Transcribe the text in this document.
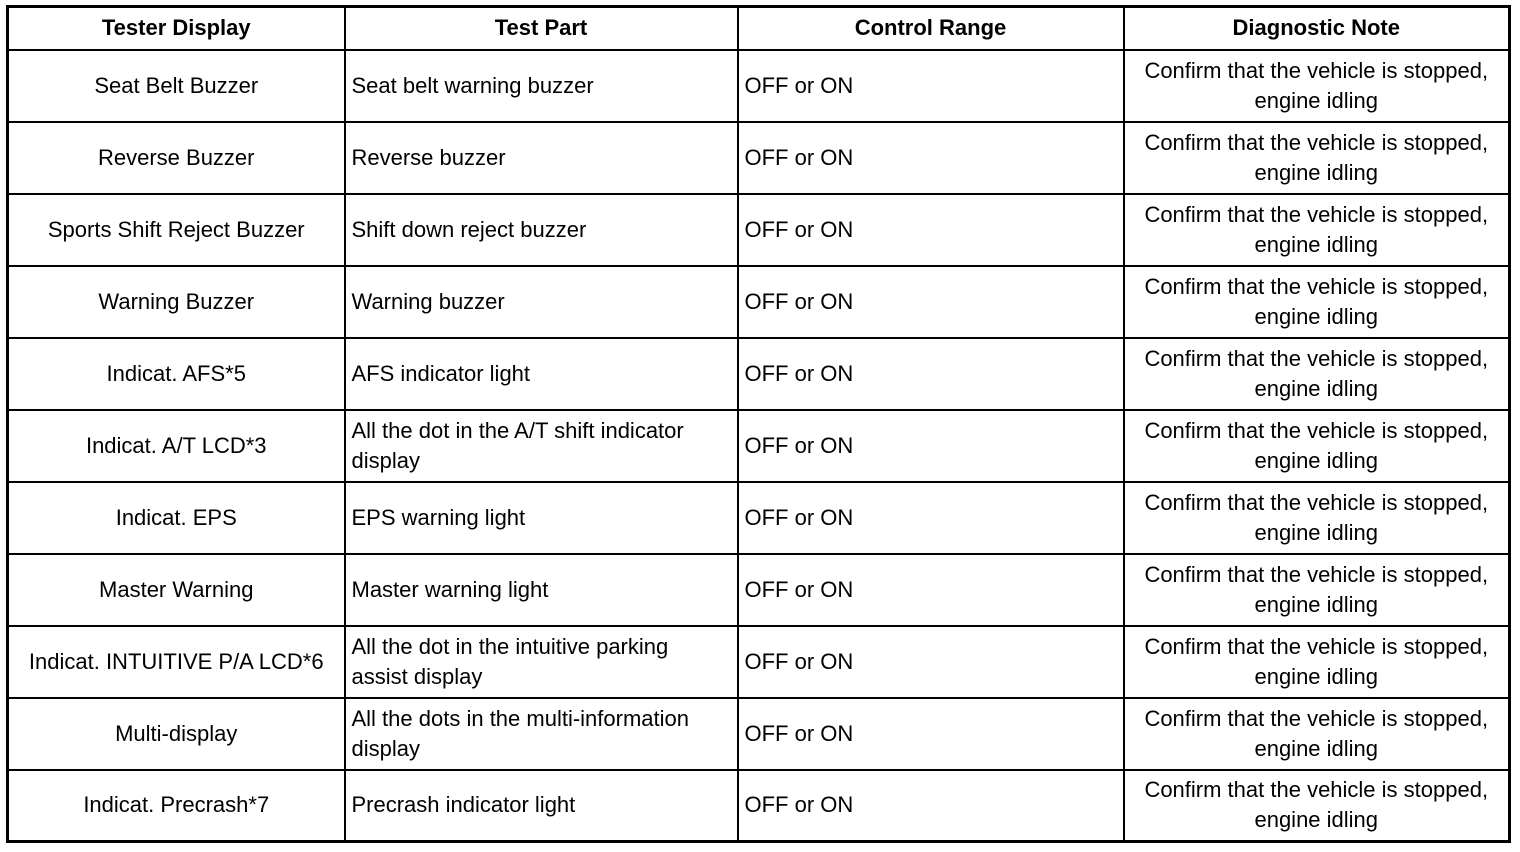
Tester Display	Test Part	Control Range	Diagnostic Note
Seat Belt Buzzer	Seat belt warning buzzer	OFF or ON	Confirm that the vehicle is stopped, engine idling
Reverse Buzzer	Reverse buzzer	OFF or ON	Confirm that the vehicle is stopped, engine idling
Sports Shift Reject Buzzer	Shift down reject buzzer	OFF or ON	Confirm that the vehicle is stopped, engine idling
Warning Buzzer	Warning buzzer	OFF or ON	Confirm that the vehicle is stopped, engine idling
Indicat. AFS*5	AFS indicator light	OFF or ON	Confirm that the vehicle is stopped, engine idling
Indicat. A/T LCD*3	All the dot in the A/T shift indicator display	OFF or ON	Confirm that the vehicle is stopped, engine idling
Indicat. EPS	EPS warning light	OFF or ON	Confirm that the vehicle is stopped, engine idling
Master Warning	Master warning light	OFF or ON	Confirm that the vehicle is stopped, engine idling
Indicat. INTUITIVE P/A LCD*6	All the dot in the intuitive parking assist display	OFF or ON	Confirm that the vehicle is stopped, engine idling
Multi-display	All the dots in the multi-information display	OFF or ON	Confirm that the vehicle is stopped, engine idling
Indicat. Precrash*7	Precrash indicator light	OFF or ON	Confirm that the vehicle is stopped, engine idling
